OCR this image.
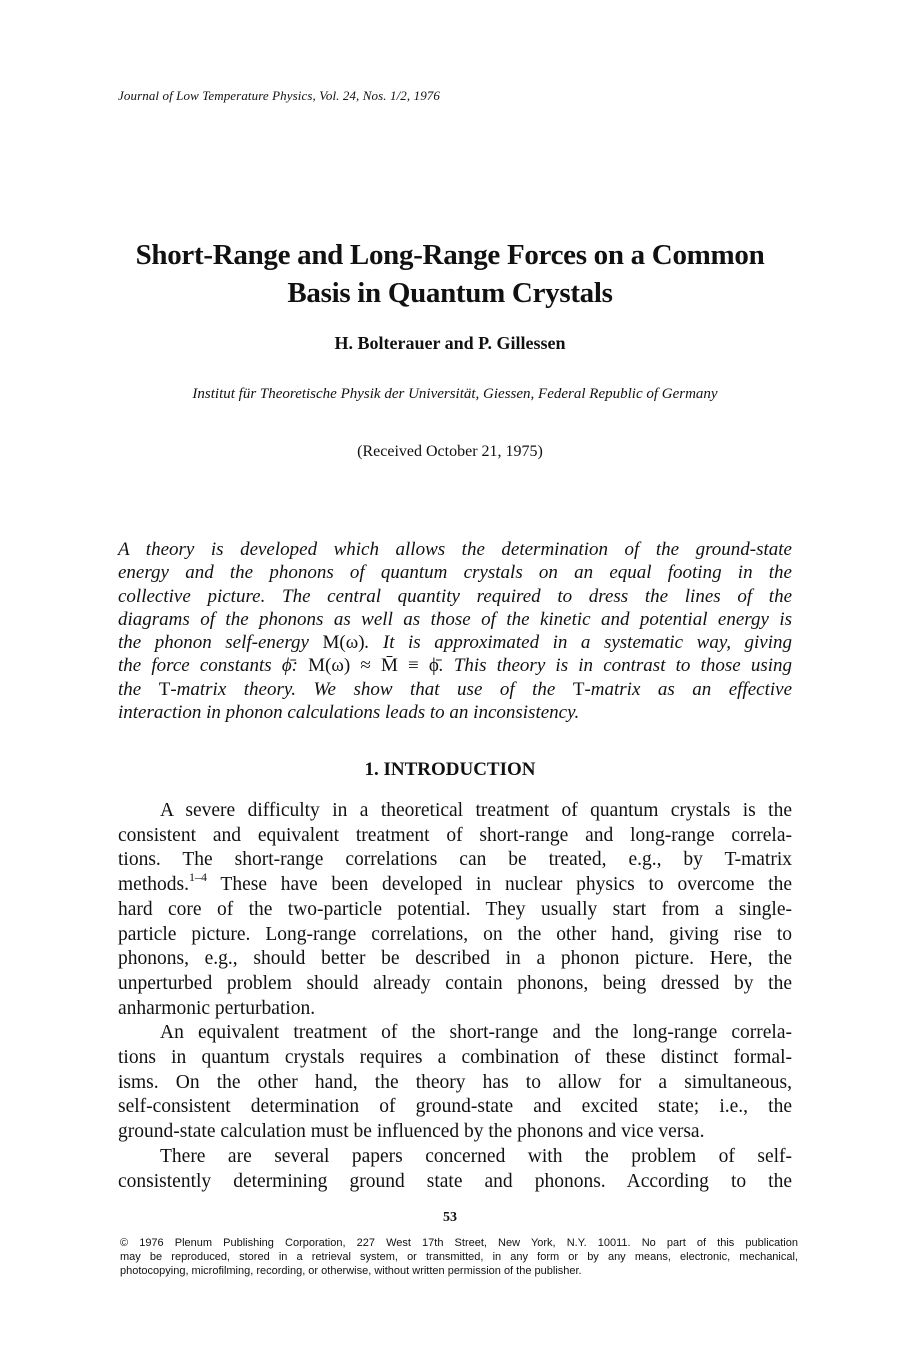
Journal of Low Temperature Physics, Vol. 24, Nos. 1/2, 1976
Short-Range and Long-Range Forces on a Common
Basis in Quantum Crystals
H. Bolterauer and P. Gillessen
Institut für Theoretische Physik der Universität, Giessen, Federal Republic of Germany
(Received October 21, 1975)
A theory is developed which allows the determination of the ground-state
energy and the phonons of quantum crystals on an equal footing in the
collective picture. The central quantity required to dress the lines of the
diagrams of the phonons as well as those of the kinetic and potential energy is
the phonon self-energy M(ω). It is approximated in a systematic way, giving
the force constants ϕ̄: M(ω) ≈ M̄ ≡ ϕ̄. This theory is in contrast to those using
the T-matrix theory. We show that use of the T-matrix as an effective
interaction in phonon calculations leads to an inconsistency.
1. INTRODUCTION
A severe difficulty in a theoretical treatment of quantum crystals is the
consistent and equivalent treatment of short-range and long-range correla-
tions. The short-range correlations can be treated, e.g., by T-matrix
methods.$^{1-4}$ These have been developed in nuclear physics to overcome the
hard core of the two-particle potential. They usually start from a single-
particle picture. Long-range correlations, on the other hand, giving rise to
phonons, e.g., should better be described in a phonon picture. Here, the
unperturbed problem should already contain phonons, being dressed by the
anharmonic perturbation.
An equivalent treatment of the short-range and the long-range correla-
tions in quantum crystals requires a combination of these distinct formal-
isms. On the other hand, the theory has to allow for a simultaneous,
self-consistent determination of ground-state and excited state; i.e., the
ground-state calculation must be influenced by the phonons and vice versa.
There are several papers concerned with the problem of self-
consistently determining ground state and phonons. According to the
53
© 1976 Plenum Publishing Corporation, 227 West 17th Street, New York, N.Y. 10011. No part of this publication
may be reproduced, stored in a retrieval system, or transmitted, in any form or by any means, electronic, mechanical,
photocopying, microfilming, recording, or otherwise, without written permission of the publisher.
